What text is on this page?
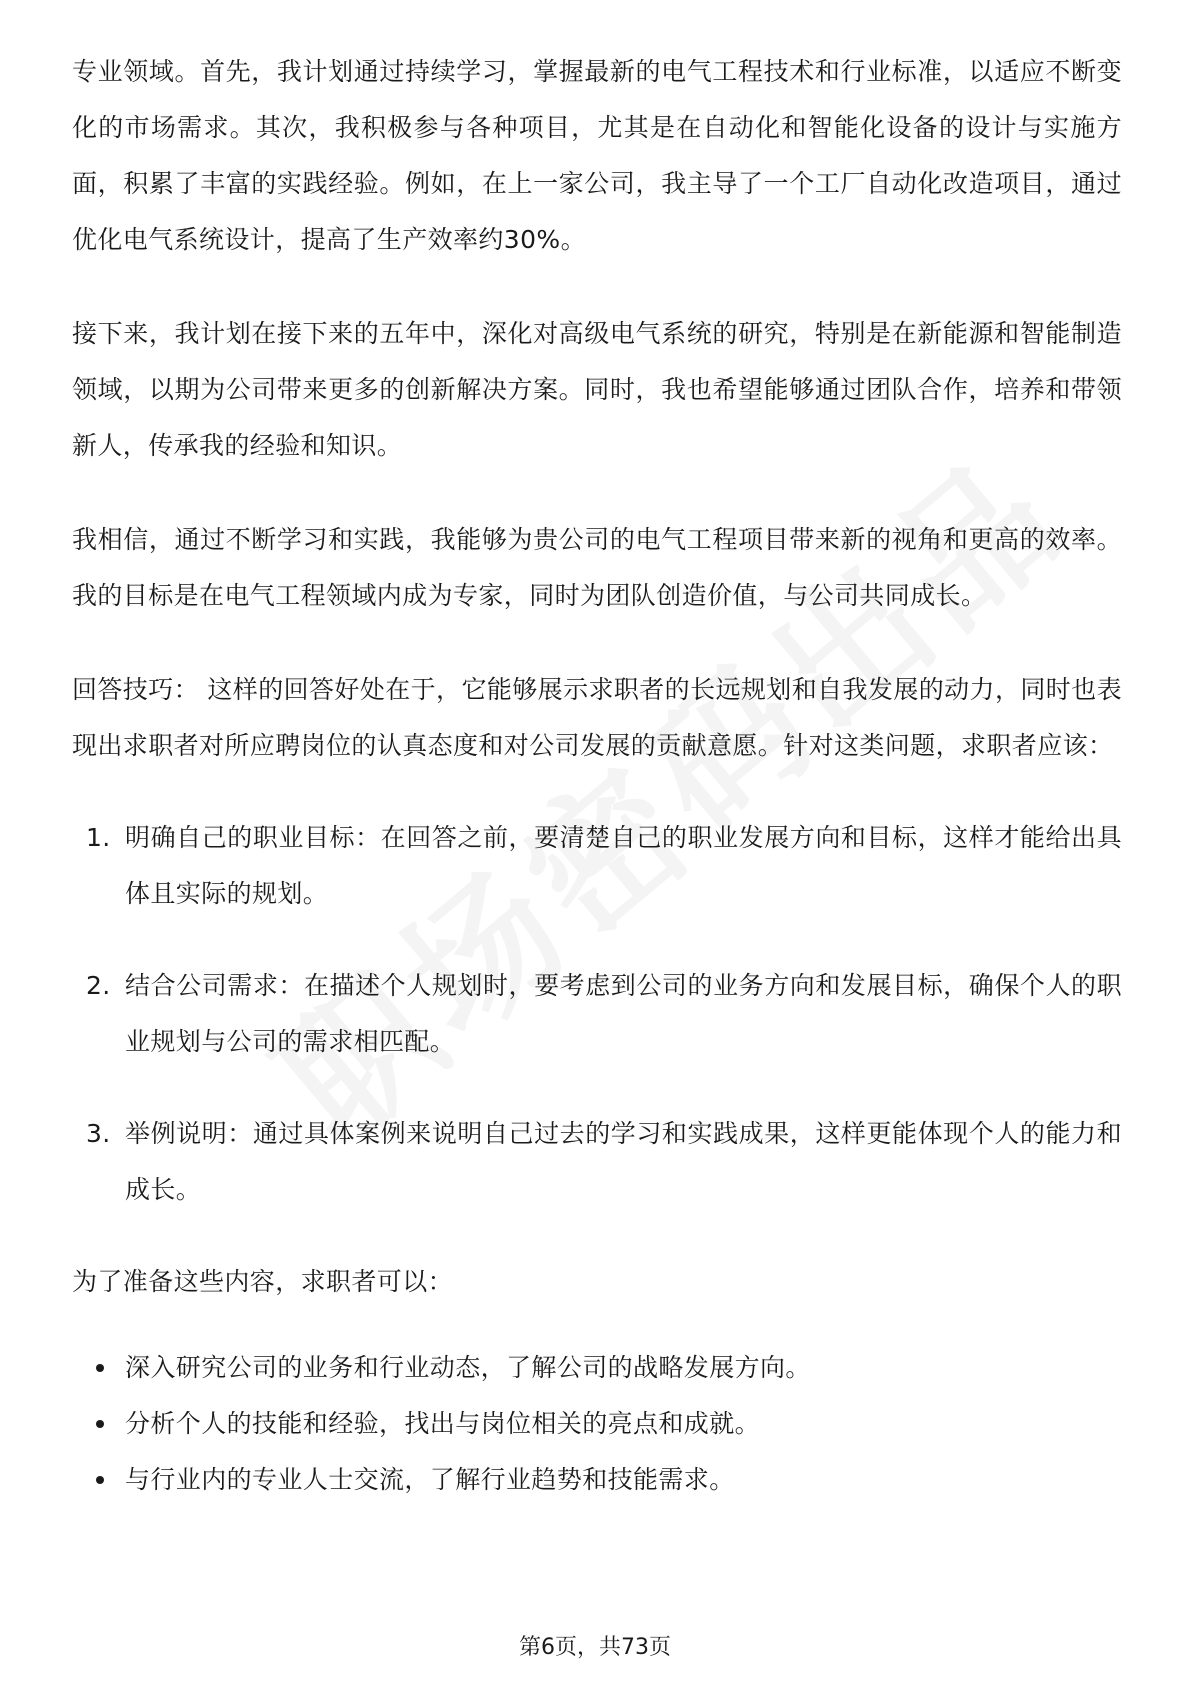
专业领域。首先，我计划通过持续学习，掌握最新的电气工程技术和行业标准，以适应不断变化的市场需求。其次，我积极参与各种项目，尤其是在自动化和智能化设备的设计与实施方面，积累了丰富的实践经验。例如，在上一家公司，我主导了一个工厂自动化改造项目，通过优化电气系统设计，提高了生产效率约30%。

接下来，我计划在接下来的五年中，深化对高级电气系统的研究，特别是在新能源和智能制造领域，以期为公司带来更多的创新解决方案。同时，我也希望能够通过团队合作，培养和带领新人，传承我的经验和知识。

我相信，通过不断学习和实践，我能够为贵公司的电气工程项目带来新的视角和更高的效率。我的目标是在电气工程领域内成为专家，同时为团队创造价值，与公司共同成长。

回答技巧： 这样的回答好处在于，它能够展示求职者的长远规划和自我发展的动力，同时也表现出求职者对所应聘岗位的认真态度和对公司发展的贡献意愿。针对这类问题，求职者应该：

1. 明确自己的职业目标：在回答之前，要清楚自己的职业发展方向和目标，这样才能给出具体且实际的规划。
2. 结合公司需求：在描述个人规划时，要考虑到公司的业务方向和发展目标，确保个人的职业规划与公司的需求相匹配。
3. 举例说明：通过具体案例来说明自己过去的学习和实践成果，这样更能体现个人的能力和成长。

为了准备这些内容，求职者可以：

深入研究公司的业务和行业动态，了解公司的战略发展方向。
分析个人的技能和经验，找出与岗位相关的亮点和成就。
与行业内的专业人士交流，了解行业趋势和技能需求。
第6页，共73页
